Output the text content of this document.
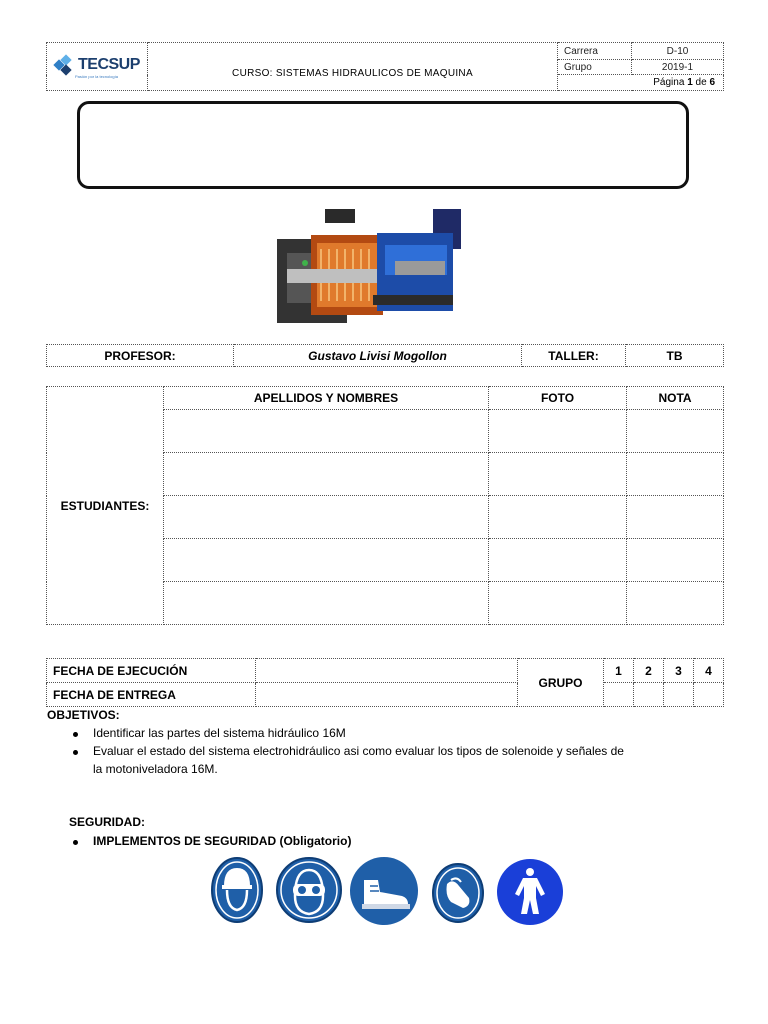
TECSUP
Pasión por la tecnología	CURSO: SISTEMAS HIDRAULICOS DE MAQUINA	Carrera	D-10
		Grupo	2019-1
		Página 1 de 6	
PROFESOR:	Gustavo Livisi Mogollon	TALLER:	TB
ESTUDIANTES:	APELLIDOS Y NOMBRES	FOTO	NOTA

FECHA DE EJECUCIÓN		GRUPO	1	2	3	4
FECHA DE ENTREGA						
OBJETIVOS:
Identificar las partes del sistema hidráulico 16M
Evaluar el estado del sistema electrohidráulico asi como evaluar los tipos de solenoide y señales de
la motoniveladora 16M.
SEGURIDAD:
IMPLEMENTOS DE SEGURIDAD (Obligatorio)
